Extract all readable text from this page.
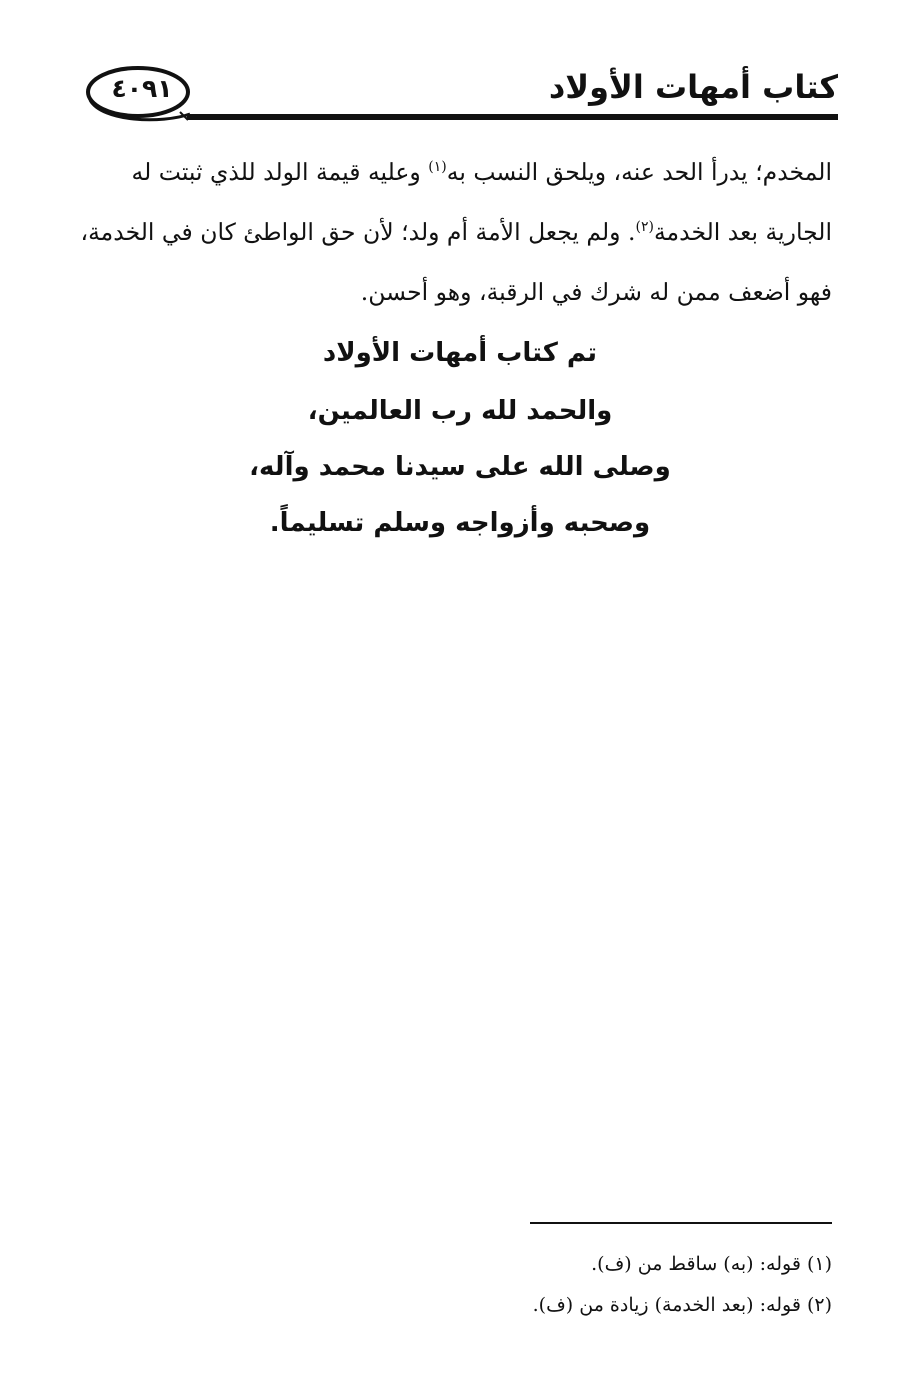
٤٠٩١	كتاب أمهات الأولاد
المخدم؛ يدرأ الحد عنه، ويلحق النسب به$^{(١)}$ وعليه قيمة الولد للذي ثبتت له
الجارية بعد الخدمة$^{(٢)}$. ولم يجعل الأمة أم ولد؛ لأن حق الواطئ كان في الخدمة،
فهو أضعف ممن له شرك في الرقبة، وهو أحسن.
تم كتاب أمهات الأولاد
والحمد لله رب العالمين،
وصلى الله على سيدنا محمد وآله،
وصحبه وأزواجه وسلم تسليماً.
(١) قوله: (به) ساقط من (ف).
(٢) قوله: (بعد الخدمة) زيادة من (ف).
